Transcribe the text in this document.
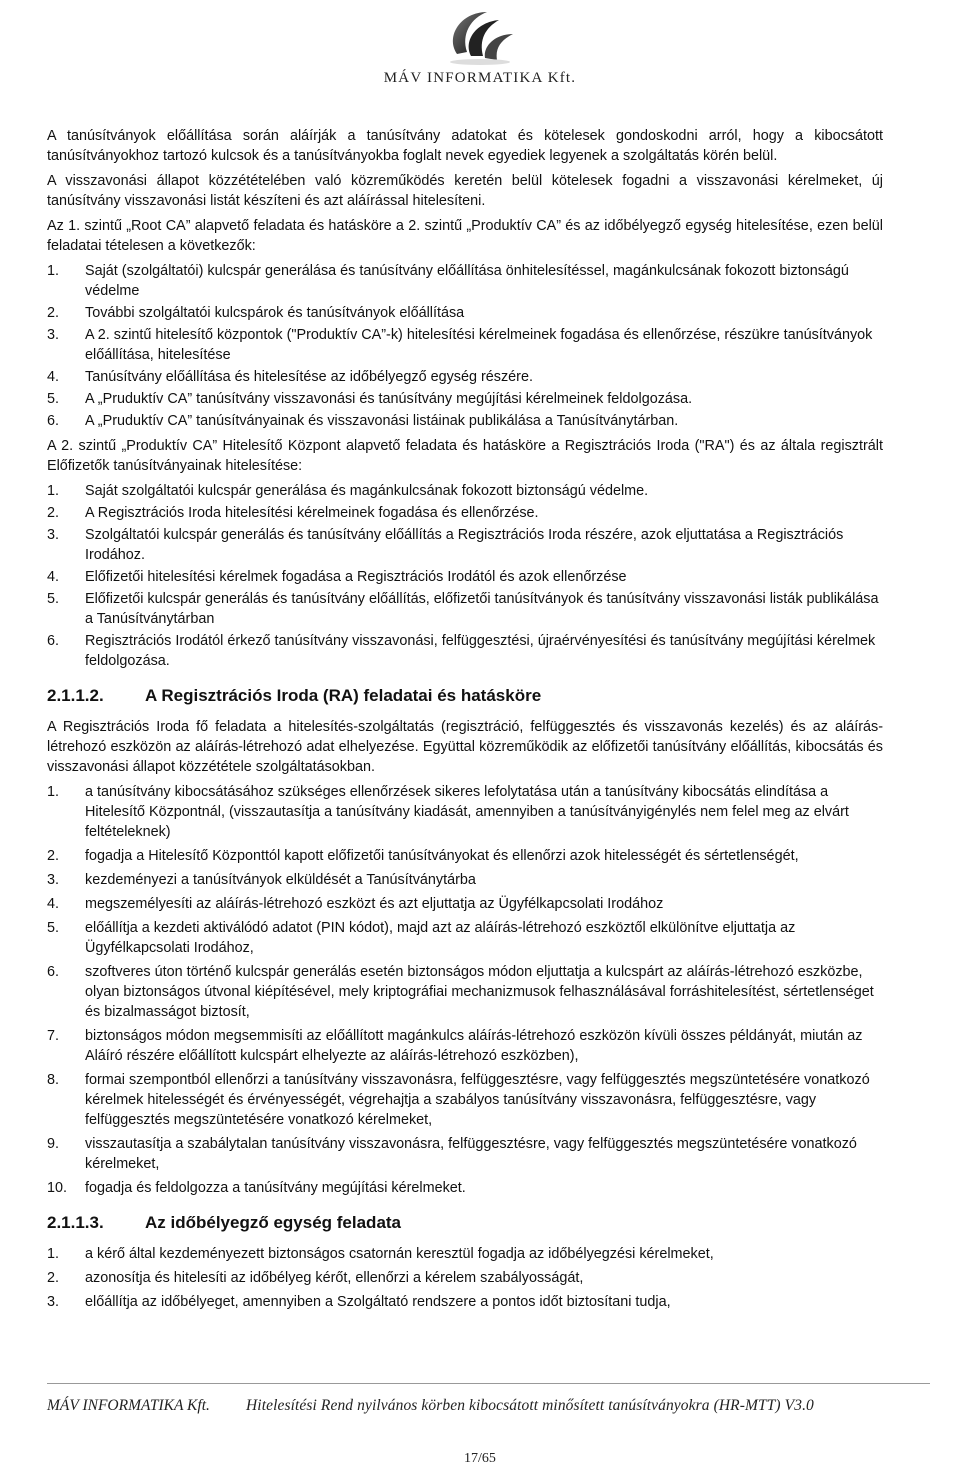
MÁV INFORMATIKA Kft.

A tanúsítványok előállítása során aláírják a tanúsítvány adatokat és kötelesek gondoskodni arról, hogy a kibocsátott tanúsítványokhoz tartozó kulcsok és a tanúsítványokba foglalt nevek egyediek legyenek a szolgáltatás körén belül.

A visszavonási állapot közzétételében való közreműködés keretén belül kötelesek fogadni a visszavonási kérelmeket, új tanúsítvány visszavonási listát készíteni és azt aláírással hitelesíteni.

Az 1. szintű „Root CA” alapvető feladata és hatásköre a 2. szintű „Produktív CA” és az időbélyegző egység hitelesítése, ezen belül feladatai tételesen a következők:

1. Saját (szolgáltatói) kulcspár generálása és tanúsítvány előállítása önhitelesítéssel, magánkulcsának fokozott biztonságú védelme
2. További szolgáltatói kulcspárok és tanúsítványok előállítása
3. A 2. szintű hitelesítő központok ("Produktív CA”-k) hitelesítési kérelmeinek fogadása és ellenőrzése, részükre tanúsítványok előállítása, hitelesítése
4. Tanúsítvány előállítása és hitelesítése az időbélyegző egység részére.
5. A „Pruduktív CA” tanúsítvány visszavonási és tanúsítvány megújítási kérelmeinek feldolgozása.
6. A „Pruduktív CA” tanúsítványainak és visszavonási listáinak publikálása a Tanúsítványtárban.

A 2. szintű „Produktív CA” Hitelesítő Központ alapvető feladata és hatásköre a Regisztrációs Iroda ("RA") és az általa regisztrált Előfizetők tanúsítványainak hitelesítése:

1. Saját szolgáltatói kulcspár generálása és magánkulcsának fokozott biztonságú védelme.
2. A Regisztrációs Iroda hitelesítési kérelmeinek fogadása és ellenőrzése.
3. Szolgáltatói kulcspár generálás és tanúsítvány előállítás a Regisztrációs Iroda részére, azok eljuttatása a Regisztrációs Irodához.
4. Előfizetői hitelesítési kérelmek fogadása a Regisztrációs Irodától és azok ellenőrzése
5. Előfizetői kulcspár generálás és tanúsítvány előállítás, előfizetői tanúsítványok és tanúsítvány visszavonási listák publikálása a Tanúsítványtárban
6. Regisztrációs Irodától érkező tanúsítvány visszavonási, felfüggesztési, újraérvényesítési és tanúsítvány megújítási kérelmek feldolgozása.
2.1.1.2.	A Regisztrációs Iroda (RA) feladatai és hatásköre

A Regisztrációs Iroda fő feladata a hitelesítés-szolgáltatás (regisztráció, felfüggesztés és visszavonás kezelés) és az aláírás-létrehozó eszközön az aláírás-létrehozó adat elhelyezése. Együttal közreműködik az előfizetői tanúsítvány előállítás, kibocsátás és visszavonási állapot közzététele szolgáltatásokban.

1. a tanúsítvány kibocsátásához szükséges ellenőrzések sikeres lefolytatása után a tanúsítvány kibocsátás elindítása a Hitelesítő Központnál, (visszautasítja a tanúsítvány kiadását, amennyiben a tanúsítványigénylés nem felel meg az elvárt feltételeknek)
2. fogadja a Hitelesítő Központtól kapott előfizetői tanúsítványokat és ellenőrzi azok hitelességét és sértetlenségét,
3. kezdeményezi a tanúsítványok elküldését a Tanúsítványtárba
4. megszemélyesíti az aláírás-létrehozó eszközt és azt eljuttatja az Ügyfélkapcsolati Irodához
5. előállítja a kezdeti aktiválódó adatot (PIN kódot), majd azt az aláírás-létrehozó eszköztől elkülönítve eljuttatja az Ügyfélkapcsolati Irodához,
6. szoftveres úton történő kulcspár generálás esetén biztonságos módon eljuttatja a kulcspárt az aláírás-létrehozó eszközbe, olyan biztonságos útvonal kiépítésével, mely kriptográfiai mechanizmusok felhasználásával forráshitelesítést, sértetlenséget és bizalmasságot biztosít,
7. biztonságos módon megsemmisíti az előállított magánkulcs aláírás-létrehozó eszközön kívüli összes példányát, miután az Aláíró részére előállított kulcspárt elhelyezte az aláírás-létrehozó eszközben),
8. formai szempontból ellenőrzi a tanúsítvány visszavonásra, felfüggesztésre, vagy felfüggesztés megszüntetésére vonatkozó kérelmek hitelességét és érvényességét, végrehajtja a szabályos tanúsítvány visszavonásra, felfüggesztésre, vagy felfüggesztés megszüntetésére vonatkozó kérelmeket,
9. visszautasítja a szabálytalan tanúsítvány visszavonásra, felfüggesztésre, vagy felfüggesztés megszüntetésére vonatkozó kérelmeket,
10. fogadja és feldolgozza a tanúsítvány megújítási kérelmeket.
2.1.1.3.	Az időbélyegző egység feladata
1. a kérő által kezdeményezett biztonságos csatornán keresztül fogadja az időbélyegzési kérelmeket,
2. azonosítja és hitelesíti az időbélyeg kérőt, ellenőrzi a kérelem szabályosságát,
3. előállítja az időbélyeget, amennyiben a Szolgáltató rendszere a pontos időt biztosítani tudja,
MÁV INFORMATIKA Kft. Hitelesítési Rend nyilvános körben kibocsátott minősített tanúsítványokra (HR-MTT) V3.0
17/65
